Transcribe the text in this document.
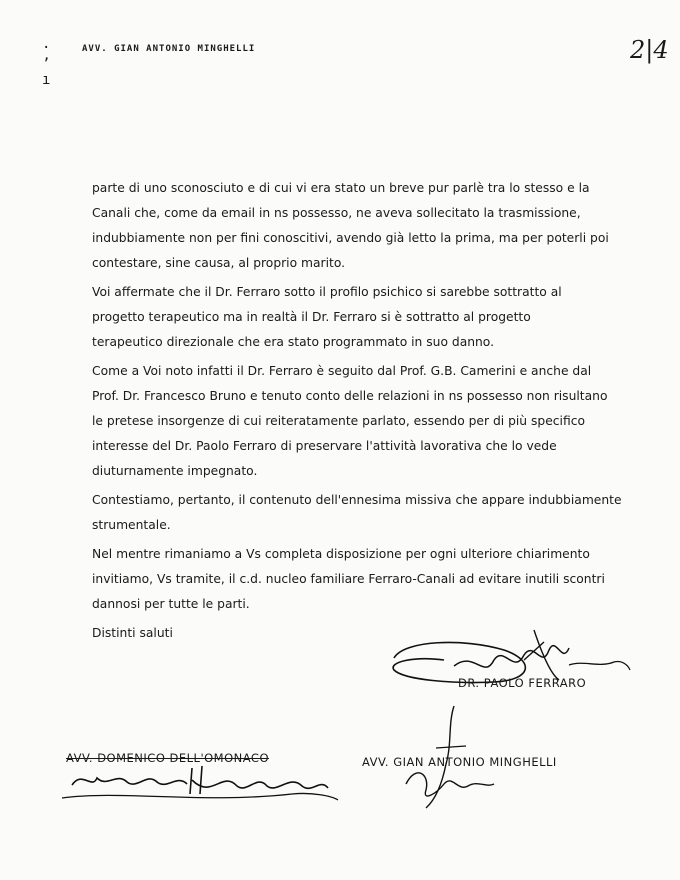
· ʼ ı
AVV. GIAN ANTONIO MINGHELLI	2|4
parte di uno sconosciuto e di cui vi era stato un breve pur parlè tra lo stesso e la
Canali che, come da email in ns possesso, ne aveva sollecitato la trasmissione,
indubbiamente non per fini conoscitivi, avendo già letto la prima, ma per poterli poi
contestare, sine causa, al proprio marito.
Voi affermate che il Dr. Ferraro sotto il profilo psichico si sarebbe sottratto al
progetto terapeutico ma in realtà il Dr. Ferraro si è sottratto al progetto
terapeutico direzionale che era stato programmato in suo danno.
Come a Voi noto infatti il Dr. Ferraro è seguito dal Prof. G.B. Camerini e anche dal
Prof. Dr. Francesco Bruno e tenuto conto delle relazioni in ns possesso non risultano
le pretese insorgenze di cui reiteratamente parlato, essendo per di più specifico
interesse del Dr. Paolo Ferraro di preservare l'attività lavorativa che lo vede
diuturnamente impegnato.
Contestiamo, pertanto, il contenuto dell'ennesima missiva che appare indubbiamente
strumentale.
Nel mentre rimaniamo a Vs completa disposizione per ogni ulteriore chiarimento
invitiamo, Vs tramite, il c.d. nucleo familiare Ferraro-Canali ad evitare inutili scontri
dannosi per tutte le parti.
Distinti saluti
DR. PAOLO FERRARO
AVV. DOMENICO DELL'OMONACO	AVV. GIAN ANTONIO MINGHELLI
